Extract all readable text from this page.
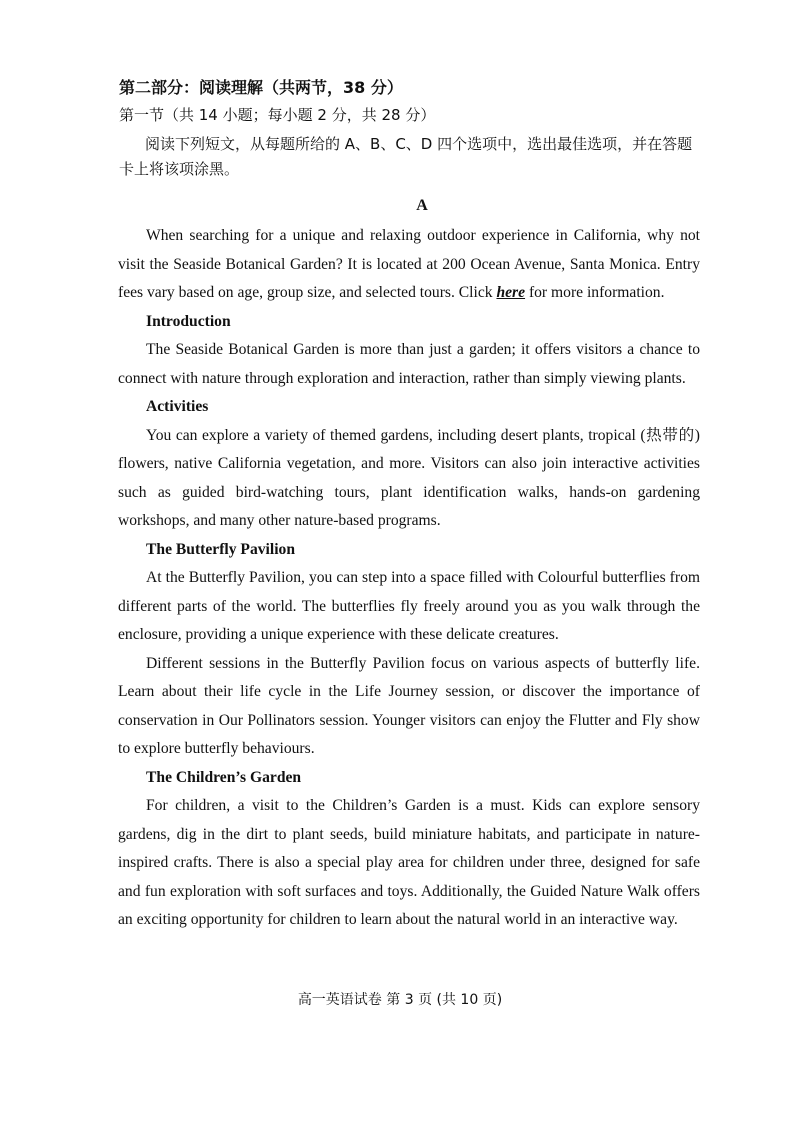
第二部分：阅读理解（共两节，38 分）
第一节（共 14 小题；每小题 2 分，共 28 分）
阅读下列短文，从每题所给的 A、B、C、D 四个选项中，选出最佳选项，并在答题
卡上将该项涂黑。
A

When searching for a unique and relaxing outdoor experience in California, why not visit the Seaside Botanical Garden? It is located at 200 Ocean Avenue, Santa Monica. Entry fees vary based on age, group size, and selected tours. Click here for more information.

Introduction

The Seaside Botanical Garden is more than just a garden; it offers visitors a chance to connect with nature through exploration and interaction, rather than simply viewing plants.

Activities

You can explore a variety of themed gardens, including desert plants, tropical (热带的) flowers, native California vegetation, and more. Visitors can also join interactive activities such as guided bird-watching tours, plant identification walks, hands-on gardening workshops, and many other nature-based programs.

The Butterfly Pavilion

At the Butterfly Pavilion, you can step into a space filled with Colourful butterflies from different parts of the world. The butterflies fly freely around you as you walk through the enclosure, providing a unique experience with these delicate creatures.

Different sessions in the Butterfly Pavilion focus on various aspects of butterfly life. Learn about their life cycle in the Life Journey session, or discover the importance of conservation in Our Pollinators session. Younger visitors can enjoy the Flutter and Fly show to explore butterfly behaviours.

The Children’s Garden

For children, a visit to the Children’s Garden is a must. Kids can explore sensory gardens, dig in the dirt to plant seeds, build miniature habitats, and participate in nature-inspired crafts. There is also a special play area for children under three, designed for safe and fun exploration with soft surfaces and toys. Additionally, the Guided Nature Walk offers an exciting opportunity for children to learn about the natural world in an interactive way.

高一英语试卷 第 3 页 (共 10 页)
